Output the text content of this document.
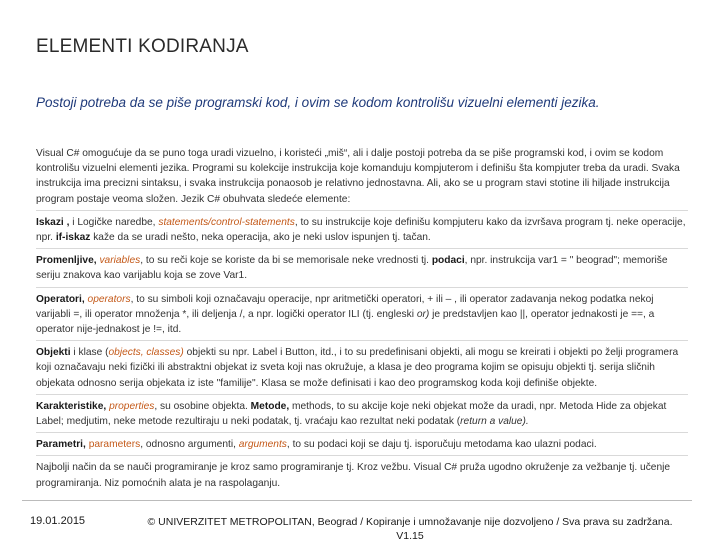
ELEMENTI KODIRANJA
Postoji potreba da se piše programski kod, i ovim se kodom kontrolišu vizuelni elementi jezika.

Visual C# omogućuje da se puno toga uradi vizuelno, i koristeći „miš“, ali i dalje postoji potreba da se piše programski kod, i ovim se kodom kontrolišu vizuelni elementi jezika. Programi su kolekcije instrukcija koje komanduju kompjuterom i definišu šta kompjuter treba da uradi. Svaka instrukcija ima precizni sintaksu, i svaka instrukcija ponaosob je relativno jednostavna. Ali, ako se u program stavi stotine ili hiljade instrukcija program postaje veoma složen. Jezik C# obuhvata sledeće elemente:

Iskazi , i Logičke naredbe, statements/control-statements, to su instrukcije koje definišu kompjuteru kako da izvršava program tj. neke operacije, npr. if-iskaz kaže da se uradi nešto, neka operacija, ako je neki uslov ispunjen tj. tačan.

Promenljive, variables, to su reči koje se koriste da bi se memorisale neke vrednosti tj. podaci, npr. instrukcija var1 = " beograd"; memoriše seriju znakova kao varijablu koja se zove Var1.

Operatori, operators, to su simboli koji označavaju operacije, npr aritmetički operatori, + ili – , ili operator zadavanja nekog podatka nekoj varijabli =, ili operator množenja *, ili deljenja /, a npr. logički operator ILI (tj. engleski or) je predstavljen kao ||, operator jednakosti je ==, a operator nije-jednakost je !=, itd.

Objekti i klase (objects, classes) objekti su npr. Label i Button, itd., i to su predefinisani objekti, ali mogu se kreirati i objekti po želji programera koji označavaju neki fizički ili abstraktni objekat iz sveta koji nas okružuje, a klasa je deo programa kojim se opisuju objekti tj. serija sličnih objekata odnosno serija objekata iz iste "familije". Klasa se može definisati i kao deo programskog koda koji definiše objekte.

Karakteristike, properties, su osobine objekta. Metode, methods, to su akcije koje neki objekat može da uradi, npr. Metoda Hide za objekat Label; medjutim, neke metode rezultiraju u neki podatak, tj. vraćaju kao rezultat neki podatak (return a value).

Parametri, parameters, odnosno argumenti, arguments, to su podaci koji se daju tj. isporučuju metodama kao ulazni podaci.

Najbolji način da se nauči programiranje je kroz samo programiranje tj. Kroz vežbu. Visual C# pruža ugodno okruženje za vežbanje tj. učenje programiranja. Niz pomoćnih alata je na raspolaganju.

19.01.2015	© UNIVERZITET METROPOLITAN, Beograd / Kopiranje i umnožavanje nije dozvoljeno / Sva prava su zadržana.
V1.15
